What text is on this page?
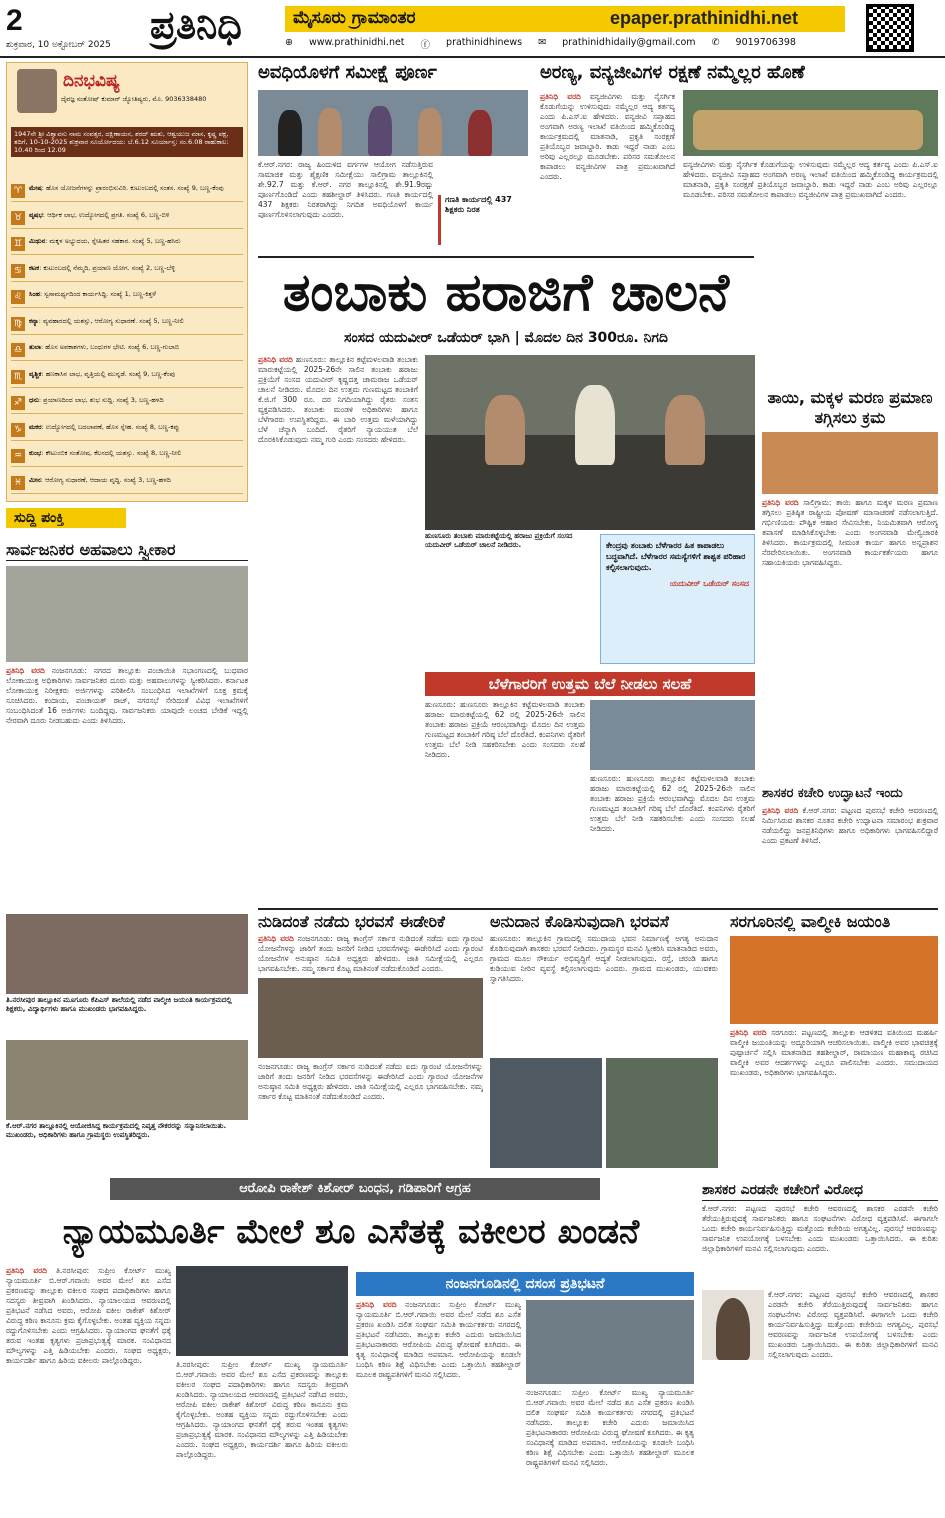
2
ಶುಕ್ರವಾರ, 10 ಅಕ್ಟೋಬರ್ 2025 ಪ್ರತಿನಿಧಿ	ಮೈಸೂರು ಗ್ರಾಮಾಂತರ	epaper.prathinidhi.net
⊕ www.prathinidhi.net ⓕ prathinidhinews ✉ prathinidhidaily@gmail.com ✆ 9019706398
ದಿನಭವಿಷ್ಯ
ದೈವಜ್ಞ ಸಂತೋಷ್ ಕುಮಾರ್ ಜ್ಯೋತಿಷ್ಯರು, ಮೊ. 9036338480
1947ನೇ ಶ್ರೀ ವಿಶ್ವಾವಸು ನಾಮ ಸಂವತ್ಸರ, ದಕ್ಷಿಣಾಯನ, ಶರದ್ ಋತು, ಆಶ್ವಯುಜ ಮಾಸ, ಕೃಷ್ಣ ಪಕ್ಷ, ತದಿಗೆ, 10-10-2025 ಶುಕ್ರವಾರ ಸೂರ್ಯೋದಯ: ಬೆ.6.12 ಸೂರ್ಯಾಸ್ತ: ಸಂ.6.08 ರಾಹುಕಾಲ: 10.40 ರಿಂದ 12.09
♈	ಮೇಷ: ಹೊಸ ಯೋಜನೆಗಳನ್ನು ಪ್ರಾರಂಭಿಸುವಿರಿ. ಕುಟುಂಬದಲ್ಲಿ ಸಂತಸ. ಸಂಖ್ಯೆ 9, ಬಣ್ಣ-ಕೆಂಪು
♉	ವೃಷಭ: ಆರ್ಥಿಕ ಲಾಭ, ಉದ್ಯೋಗದಲ್ಲಿ ಪ್ರಗತಿ. ಸಂಖ್ಯೆ 6, ಬಣ್ಣ-ಬಿಳಿ
♊	ಮಿಥುನ: ಮಕ್ಕಳ ಅಭ್ಯುದಯ, ಸ್ನೇಹಿತರ ಸಹಕಾರ. ಸಂಖ್ಯೆ 5, ಬಣ್ಣ-ಹಸಿರು
♋	ಕಟಕ: ಕುಟುಂಬದಲ್ಲಿ ನೆಮ್ಮದಿ, ಪ್ರಯಾಣ ಯೋಗ. ಸಂಖ್ಯೆ 2, ಬಣ್ಣ-ಬೆಳ್ಳಿ
♌	ಸಿಂಹ: ಸ್ವಸಾಮರ್ಥ್ಯದಿಂದ ಕಾರ್ಯಸಿದ್ಧಿ. ಸಂಖ್ಯೆ 1, ಬಣ್ಣ-ಕಿತ್ತಳೆ
♍	ಕನ್ಯಾ: ವ್ಯವಹಾರದಲ್ಲಿ ಯಶಸ್ಸು, ಆರೋಗ್ಯ ಸುಧಾರಣೆ. ಸಂಖ್ಯೆ 5, ಬಣ್ಣ-ನೀಲಿ
♎	ತುಲಾ: ಹೊಸ ಅವಕಾಶಗಳು, ಬಂಧುಗಳ ಭೇಟಿ. ಸಂಖ್ಯೆ 6, ಬಣ್ಣ-ಗುಲಾಬಿ
♏	ವೃಶ್ಚಿಕ: ಹಣಕಾಸಿನ ಲಾಭ, ವೃತ್ತಿಯಲ್ಲಿ ಮುನ್ನಡೆ. ಸಂಖ್ಯೆ 9, ಬಣ್ಣ-ಕೆಂಪು
♐	ಧನು: ಪ್ರಯಾಣದಿಂದ ಲಾಭ, ಶುಭ ಸುದ್ದಿ. ಸಂಖ್ಯೆ 3, ಬಣ್ಣ-ಹಳದಿ
♑	ಮಕರ: ಉದ್ಯೋಗದಲ್ಲಿ ಬದಲಾವಣೆ, ಹೊಸ ಸ್ನೇಹ. ಸಂಖ್ಯೆ 8, ಬಣ್ಣ-ಕಪ್ಪು
♒	ಕುಂಭ: ಕೌಟುಂಬಿಕ ಸಂತೋಷ, ಕೆಲಸದಲ್ಲಿ ಯಶಸ್ಸು. ಸಂಖ್ಯೆ 8, ಬಣ್ಣ-ನೀಲಿ
♓	ಮೀನ: ಆರೋಗ್ಯ ಸುಧಾರಣೆ, ಆದಾಯ ವೃದ್ಧಿ. ಸಂಖ್ಯೆ 3, ಬಣ್ಣ-ಹಳದಿ
ಅವಧಿಯೊಳಗೆ ಸಮೀಕ್ಷೆ ಪೂರ್ಣ
ಕೆ.ಆರ್.ನಗರ: ರಾಜ್ಯ ಹಿಂದುಳಿದ ವರ್ಗಗಳ ಆಯೋಗ ನಡೆಸುತ್ತಿರುವ ಸಾಮಾಜಿಕ ಮತ್ತು ಶೈಕ್ಷಣಿಕ ಸಮೀಕ್ಷೆಯು ಸಾಲಿಗ್ರಾಮ ತಾಲ್ಲೂಕಿನಲ್ಲಿ ಶೇ.92.7 ಮತ್ತು ಕೆ.ಆರ್. ನಗರ ತಾಲ್ಲೂಕಿನಲ್ಲಿ ಶೇ.91.9ರಷ್ಟು ಪೂರ್ಣಗೊಂಡಿದೆ ಎಂದು ತಹಶೀಲ್ದಾರ್ ತಿಳಿಸಿದರು. ಗಣತಿ ಕಾರ್ಯದಲ್ಲಿ 437 ಶಿಕ್ಷಕರು ನಿರತರಾಗಿದ್ದು ನಿಗದಿತ ಅವಧಿಯೊಳಗೆ ಕಾರ್ಯ ಪೂರ್ಣಗೊಳಿಸಲಾಗುವುದು ಎಂದರು.
ಗಣತಿ ಕಾರ್ಯದಲ್ಲಿ 437 ಶಿಕ್ಷಕರು ನಿರತ
ಅರಣ್ಯ, ವನ್ಯಜೀವಿಗಳ ರಕ್ಷಣೆ ನಮ್ಮೆಲ್ಲರ ಹೊಣೆ
ಪ್ರತಿನಿಧಿ ವರದಿ ವನ್ಯಜೀವಿಗಳು ಮತ್ತು ನೈಸರ್ಗಿಕ ಕೊಡುಗೆಯನ್ನು ಉಳಿಸುವುದು ನಮ್ಮೆಲ್ಲರ ಆದ್ಯ ಕರ್ತವ್ಯ ಎಂದು ಪಿ.ಎಸ್.ಐ ಹೇಳಿದರು. ವನ್ಯಜೀವಿ ಸಪ್ತಾಹದ ಅಂಗವಾಗಿ ಅರಣ್ಯ ಇಲಾಖೆ ವತಿಯಿಂದ ಹಮ್ಮಿಕೊಂಡಿದ್ದ ಕಾರ್ಯಕ್ರಮದಲ್ಲಿ ಮಾತನಾಡಿ, ಪ್ರಕೃತಿ ಸಂರಕ್ಷಣೆ ಪ್ರತಿಯೊಬ್ಬರ ಜವಾಬ್ದಾರಿ. ಕಾಡು ಇದ್ದರೆ ನಾಡು ಎಂಬ ಅರಿವು ಎಲ್ಲರಲ್ಲೂ ಮೂಡಬೇಕು. ಪರಿಸರ ಸಮತೋಲನ ಕಾಪಾಡಲು ವನ್ಯಜೀವಿಗಳ ಪಾತ್ರ ಪ್ರಮುಖವಾಗಿದೆ ಎಂದರು.
ವನ್ಯಜೀವಿಗಳು ಮತ್ತು ನೈಸರ್ಗಿಕ ಕೊಡುಗೆಯನ್ನು ಉಳಿಸುವುದು ನಮ್ಮೆಲ್ಲರ ಆದ್ಯ ಕರ್ತವ್ಯ ಎಂದು ಪಿ.ಎಸ್.ಐ ಹೇಳಿದರು. ವನ್ಯಜೀವಿ ಸಪ್ತಾಹದ ಅಂಗವಾಗಿ ಅರಣ್ಯ ಇಲಾಖೆ ವತಿಯಿಂದ ಹಮ್ಮಿಕೊಂಡಿದ್ದ ಕಾರ್ಯಕ್ರಮದಲ್ಲಿ ಮಾತನಾಡಿ, ಪ್ರಕೃತಿ ಸಂರಕ್ಷಣೆ ಪ್ರತಿಯೊಬ್ಬರ ಜವಾಬ್ದಾರಿ. ಕಾಡು ಇದ್ದರೆ ನಾಡು ಎಂಬ ಅರಿವು ಎಲ್ಲರಲ್ಲೂ ಮೂಡಬೇಕು. ಪರಿಸರ ಸಮತೋಲನ ಕಾಪಾಡಲು ವನ್ಯಜೀವಿಗಳ ಪಾತ್ರ ಪ್ರಮುಖವಾಗಿದೆ ಎಂದರು.
ತಂಬಾಕು ಹರಾಜಿಗೆ ಚಾಲನೆ
ಸಂಸದ ಯದುವೀರ್ ಒಡೆಯರ್ ಭಾಗಿ | ಮೊದಲ ದಿನ 300ರೂ. ನಿಗದಿ
ಪ್ರತಿನಿಧಿ ವರದಿ ಹುಣಸೂರು: ತಾಲ್ಲೂಕಿನ ಕಟ್ಟೆಮಳಲವಾಡಿ ತಂಬಾಕು ಮಾರುಕಟ್ಟೆಯಲ್ಲಿ 2025-26ನೇ ಸಾಲಿನ ತಂಬಾಕು ಹರಾಜು ಪ್ರಕ್ರಿಯೆಗೆ ಸಂಸದ ಯದುವೀರ್ ಕೃಷ್ಣದತ್ತ ಚಾಮರಾಜ ಒಡೆಯರ್ ಚಾಲನೆ ನೀಡಿದರು. ಮೊದಲ ದಿನ ಉತ್ತಮ ಗುಣಮಟ್ಟದ ತಂಬಾಕಿಗೆ ಕೆ.ಜಿ.ಗೆ 300 ರೂ. ದರ ನಿಗದಿಯಾಗಿದ್ದು ರೈತರು ಸಂತಸ ವ್ಯಕ್ತಪಡಿಸಿದರು. ತಂಬಾಕು ಮಂಡಳಿ ಅಧಿಕಾರಿಗಳು ಹಾಗೂ ಬೆಳೆಗಾರರು ಉಪಸ್ಥಿತರಿದ್ದರು. ಈ ಬಾರಿ ಉತ್ತಮ ಮಳೆಯಾಗಿದ್ದು ಬೆಳೆ ಚೆನ್ನಾಗಿ ಬಂದಿದೆ. ರೈತರಿಗೆ ನ್ಯಾಯಯುತ ಬೆಲೆ ದೊರಕಿಸಿಕೊಡುವುದು ನಮ್ಮ ಗುರಿ ಎಂದು ಸಂಸದರು ಹೇಳಿದರು.
ಹುಣಸೂರು ತಂಬಾಕು ಮಾರುಕಟ್ಟೆಯಲ್ಲಿ ಹರಾಜು ಪ್ರಕ್ರಿಯೆಗೆ ಸಂಸದ ಯದುವೀರ್ ಒಡೆಯರ್ ಚಾಲನೆ ನೀಡಿದರು.	ಕೇಂದ್ರವು ತಂಬಾಕು ಬೆಳೆಗಾರರ ಹಿತ ಕಾಪಾಡಲು ಬದ್ಧವಾಗಿದೆ. ಬೆಳೆಗಾರರ ಸಮಸ್ಯೆಗಳಿಗೆ ಶಾಶ್ವತ ಪರಿಹಾರ ಕಲ್ಪಿಸಲಾಗುವುದು.
ಯದುವೀರ್ ಒಡೆಯರ್ ಸಂಸದ
ಬೆಳೆಗಾರರಿಗೆ ಉತ್ತಮ ಬೆಲೆ ನೀಡಲು ಸಲಹೆ
ಹುಣಸೂರು: ಹುಣಸೂರು ತಾಲ್ಲೂಕಿನ ಕಟ್ಟೆಮಳಲವಾಡಿ ತಂಬಾಕು ಹರಾಜು ಮಾರುಕಟ್ಟೆಯಲ್ಲಿ 62 ರಲ್ಲಿ 2025-26ನೇ ಸಾಲಿನ ತಂಬಾಕು ಹರಾಜು ಪ್ರಕ್ರಿಯೆ ಆರಂಭವಾಗಿದ್ದು ಮೊದಲ ದಿನ ಉತ್ತಮ ಗುಣಮಟ್ಟದ ತಂಬಾಕಿಗೆ ಗರಿಷ್ಠ ಬೆಲೆ ದೊರೆತಿದೆ. ಕಂಪನಿಗಳು ರೈತರಿಗೆ ಉತ್ತಮ ಬೆಲೆ ನೀಡಿ ಸಹಕರಿಸಬೇಕು ಎಂದು ಸಂಸದರು ಸಲಹೆ ನೀಡಿದರು.
ಹುಣಸೂರು: ಹುಣಸೂರು ತಾಲ್ಲೂಕಿನ ಕಟ್ಟೆಮಳಲವಾಡಿ ತಂಬಾಕು ಹರಾಜು ಮಾರುಕಟ್ಟೆಯಲ್ಲಿ 62 ರಲ್ಲಿ 2025-26ನೇ ಸಾಲಿನ ತಂಬಾಕು ಹರಾಜು ಪ್ರಕ್ರಿಯೆ ಆರಂಭವಾಗಿದ್ದು ಮೊದಲ ದಿನ ಉತ್ತಮ ಗುಣಮಟ್ಟದ ತಂಬಾಕಿಗೆ ಗರಿಷ್ಠ ಬೆಲೆ ದೊರೆತಿದೆ. ಕಂಪನಿಗಳು ರೈತರಿಗೆ ಉತ್ತಮ ಬೆಲೆ ನೀಡಿ ಸಹಕರಿಸಬೇಕು ಎಂದು ಸಂಸದರು ಸಲಹೆ ನೀಡಿದರು.
ಸುದ್ದಿ ಪಂಕ್ತಿ
ಸಾರ್ವಜನಿಕರ ಅಹವಾಲು ಸ್ವೀಕಾರ
ಪ್ರತಿನಿಧಿ ವರದಿ ನಂಜನಗೂಡು: ನಗರದ ತಾಲ್ಲೂಕು ಪಂಚಾಯಿತಿ ಸಭಾಂಗಣದಲ್ಲಿ ಬುಧವಾರ ಲೋಕಾಯುಕ್ತ ಅಧಿಕಾರಿಗಳು ಸಾರ್ವಜನಿಕರ ದೂರು ಮತ್ತು ಅಹವಾಲುಗಳನ್ನು ಸ್ವೀಕರಿಸಿದರು. ಕರ್ನಾಟಕ ಲೋಕಾಯುಕ್ತ ನಿರೀಕ್ಷಕರು ಅರ್ಜಿಗಳನ್ನು ಪರಿಶೀಲಿಸಿ ಸಂಬಂಧಿಸಿದ ಇಲಾಖೆಗಳಿಗೆ ಸೂಕ್ತ ಕ್ರಮಕ್ಕೆ ಸೂಚಿಸಿದರು. ಕಂದಾಯ, ಪಂಚಾಯತ್ ರಾಜ್, ನಗರಸಭೆ ಸೇರಿದಂತೆ ವಿವಿಧ ಇಲಾಖೆಗಳಿಗೆ ಸಂಬಂಧಿಸಿದಂತೆ 16 ಅರ್ಜಿಗಳು ಬಂದಿದ್ದವು. ಸಾರ್ವಜನಿಕರು ಯಾವುದೇ ಲಂಚದ ಬೇಡಿಕೆ ಇದ್ದಲ್ಲಿ ನೇರವಾಗಿ ದೂರು ನೀಡಬಹುದು ಎಂದು ತಿಳಿಸಿದರು.
ತಿ.ನರಸೀಪುರ ತಾಲ್ಲೂಕಿನ ಮೂಗೂರು ಕೆಪಿಎಸ್ ಶಾಲೆಯಲ್ಲಿ ನಡೆದ ವಾಲ್ಮೀಕಿ ಜಯಂತಿ ಕಾರ್ಯಕ್ರಮದಲ್ಲಿ ಶಿಕ್ಷಕರು, ವಿದ್ಯಾರ್ಥಿಗಳು ಹಾಗೂ ಮುಖಂಡರು ಭಾಗವಹಿಸಿದ್ದರು.
ಕೆ.ಆರ್.ನಗರ ತಾಲ್ಲೂಕಿನಲ್ಲಿ ಆಯೋಜಿಸಿದ್ದ ಕಾರ್ಯಕ್ರಮದಲ್ಲಿ ನಿವೃತ್ತ ನೌಕರರನ್ನು ಸನ್ಮಾನಿಸಲಾಯಿತು. ಮುಖಂಡರು, ಅಧಿಕಾರಿಗಳು ಹಾಗೂ ಗ್ರಾಮಸ್ಥರು ಉಪಸ್ಥಿತರಿದ್ದರು.
ತಾಯಿ, ಮಕ್ಕಳ ಮರಣ ಪ್ರಮಾಣ ತಗ್ಗಿಸಲು ಕ್ರಮ
ಪ್ರತಿನಿಧಿ ವರದಿ ಸಾಲಿಗ್ರಾಮ: ತಾಯಿ ಹಾಗೂ ಮಕ್ಕಳ ಮರಣ ಪ್ರಮಾಣ ತಗ್ಗಿಸಲು ಪ್ರತಿಷ್ಠಿತ ರಾಷ್ಟ್ರೀಯ ಪೋಷಣ್ ಮಾಸಾಚರಣೆ ನಡೆಸಲಾಗುತ್ತಿದೆ. ಗರ್ಭಿಣಿಯರು ಪೌಷ್ಟಿಕ ಆಹಾರ ಸೇವಿಸಬೇಕು, ನಿಯಮಿತವಾಗಿ ಆರೋಗ್ಯ ತಪಾಸಣೆ ಮಾಡಿಸಿಕೊಳ್ಳಬೇಕು ಎಂದು ಅಂಗನವಾಡಿ ಮೇಲ್ವಿಚಾರಕಿ ತಿಳಿಸಿದರು. ಕಾರ್ಯಕ್ರಮದಲ್ಲಿ ಸೀಮಂತ ಕಾರ್ಯ ಹಾಗೂ ಅನ್ನಪ್ರಾಶನ ನೆರವೇರಿಸಲಾಯಿತು. ಅಂಗನವಾಡಿ ಕಾರ್ಯಕರ್ತೆಯರು ಹಾಗೂ ಸಹಾಯಕಿಯರು ಭಾಗವಹಿಸಿದ್ದರು.
ಶಾಸಕರ ಕಚೇರಿ ಉದ್ಘಾಟನೆ ಇಂದು
ಪ್ರತಿನಿಧಿ ವರದಿ ಕೆ.ಆರ್.ನಗರ: ಪಟ್ಟಣದ ಪುರಸಭೆ ಕಚೇರಿ ಆವರಣದಲ್ಲಿ ನಿರ್ಮಿಸಿರುವ ಶಾಸಕರ ನೂತನ ಕಚೇರಿ ಉದ್ಘಾಟನಾ ಸಮಾರಂಭ ಶುಕ್ರವಾರ ನಡೆಯಲಿದ್ದು ಜನಪ್ರತಿನಿಧಿಗಳು ಹಾಗೂ ಅಧಿಕಾರಿಗಳು ಭಾಗವಹಿಸಲಿದ್ದಾರೆ ಎಂದು ಪ್ರಕಟಣೆ ತಿಳಿಸಿದೆ.
ನುಡಿದಂತೆ ನಡೆದು ಭರವಸೆ ಈಡೇರಿಕೆ
ಪ್ರತಿನಿಧಿ ವರದಿ ನಂಜನಗೂಡು: ರಾಜ್ಯ ಕಾಂಗ್ರೆಸ್ ಸರ್ಕಾರ ನುಡಿದಂತೆ ನಡೆದು ಐದು ಗ್ಯಾರಂಟಿ ಯೋಜನೆಗಳನ್ನು ಜಾರಿಗೆ ತಂದು ಜನರಿಗೆ ನೀಡಿದ ಭರವಸೆಗಳನ್ನು ಈಡೇರಿಸಿದೆ ಎಂದು ಗ್ಯಾರಂಟಿ ಯೋಜನೆಗಳ ಅನುಷ್ಠಾನ ಸಮಿತಿ ಅಧ್ಯಕ್ಷರು ಹೇಳಿದರು. ಜಾತಿ ಸಮೀಕ್ಷೆಯಲ್ಲಿ ಎಲ್ಲರೂ ಭಾಗವಹಿಸಬೇಕು. ನಮ್ಮ ಸರ್ಕಾರ ಕೊಟ್ಟ ಮಾತಿನಂತೆ ನಡೆದುಕೊಂಡಿದೆ ಎಂದರು.
ನಂಜನಗೂಡು: ರಾಜ್ಯ ಕಾಂಗ್ರೆಸ್ ಸರ್ಕಾರ ನುಡಿದಂತೆ ನಡೆದು ಐದು ಗ್ಯಾರಂಟಿ ಯೋಜನೆಗಳನ್ನು ಜಾರಿಗೆ ತಂದು ಜನರಿಗೆ ನೀಡಿದ ಭರವಸೆಗಳನ್ನು ಈಡೇರಿಸಿದೆ ಎಂದು ಗ್ಯಾರಂಟಿ ಯೋಜನೆಗಳ ಅನುಷ್ಠಾನ ಸಮಿತಿ ಅಧ್ಯಕ್ಷರು ಹೇಳಿದರು. ಜಾತಿ ಸಮೀಕ್ಷೆಯಲ್ಲಿ ಎಲ್ಲರೂ ಭಾಗವಹಿಸಬೇಕು. ನಮ್ಮ ಸರ್ಕಾರ ಕೊಟ್ಟ ಮಾತಿನಂತೆ ನಡೆದುಕೊಂಡಿದೆ ಎಂದರು.
ಅನುದಾನ ಕೊಡಿಸುವುದಾಗಿ ಭರವಸೆ
ಹುಣಸೂರು: ತಾಲ್ಲೂಕಿನ ಗ್ರಾಮದಲ್ಲಿ ಸಮುದಾಯ ಭವನ ನಿರ್ಮಾಣಕ್ಕೆ ಅಗತ್ಯ ಅನುದಾನ ಕೊಡಿಸುವುದಾಗಿ ಶಾಸಕರು ಭರವಸೆ ನೀಡಿದರು. ಗ್ರಾಮಸ್ಥರ ಮನವಿ ಸ್ವೀಕರಿಸಿ ಮಾತನಾಡಿದ ಅವರು, ಗ್ರಾಮದ ಮೂಲ ಸೌಕರ್ಯ ಅಭಿವೃದ್ಧಿಗೆ ಆದ್ಯತೆ ನೀಡಲಾಗುವುದು. ರಸ್ತೆ, ಚರಂಡಿ ಹಾಗೂ ಕುಡಿಯುವ ನೀರಿನ ವ್ಯವಸ್ಥೆ ಕಲ್ಪಿಸಲಾಗುವುದು ಎಂದರು. ಗ್ರಾಮದ ಮುಖಂಡರು, ಯುವಕರು ಸ್ವಾಗತಿಸಿದರು.
ಸರಗೂರಿನಲ್ಲಿ ವಾಲ್ಮೀಕಿ ಜಯಂತಿ
ಪ್ರತಿನಿಧಿ ವರದಿ ಸರಗೂರು: ಪಟ್ಟಣದಲ್ಲಿ ತಾಲ್ಲೂಕು ಆಡಳಿತದ ವತಿಯಿಂದ ಮಹರ್ಷಿ ವಾಲ್ಮೀಕಿ ಜಯಂತಿಯನ್ನು ಅದ್ದೂರಿಯಾಗಿ ಆಚರಿಸಲಾಯಿತು. ವಾಲ್ಮೀಕಿ ಅವರ ಭಾವಚಿತ್ರಕ್ಕೆ ಪುಷ್ಪಾರ್ಚನೆ ಸಲ್ಲಿಸಿ ಮಾತನಾಡಿದ ತಹಶೀಲ್ದಾರ್, ರಾಮಾಯಣ ಮಹಾಕಾವ್ಯ ರಚಿಸಿದ ವಾಲ್ಮೀಕಿ ಅವರ ಆದರ್ಶಗಳನ್ನು ಎಲ್ಲರೂ ಪಾಲಿಸಬೇಕು ಎಂದರು. ಸಮುದಾಯದ ಮುಖಂಡರು, ಅಧಿಕಾರಿಗಳು ಭಾಗವಹಿಸಿದ್ದರು.
ಆರೋಪಿ ರಾಕೇಶ್ ಕಿಶೋರ್ ಬಂಧನ, ಗಡಿಪಾರಿಗೆ ಆಗ್ರಹ
ನ್ಯಾಯಮೂರ್ತಿ ಮೇಲೆ ಶೂ ಎಸೆತಕ್ಕೆ ವಕೀಲರ ಖಂಡನೆ
ಪ್ರತಿನಿಧಿ ವರದಿ ತಿ.ನರಸೀಪುರ: ಸುಪ್ರೀಂ ಕೋರ್ಟ್ ಮುಖ್ಯ ನ್ಯಾಯಮೂರ್ತಿ ಬಿ.ಆರ್.ಗವಾಯಿ ಅವರ ಮೇಲೆ ಶೂ ಎಸೆದ ಪ್ರಕರಣವನ್ನು ತಾಲ್ಲೂಕು ವಕೀಲರ ಸಂಘದ ಪದಾಧಿಕಾರಿಗಳು ಹಾಗೂ ಸದಸ್ಯರು ತೀವ್ರವಾಗಿ ಖಂಡಿಸಿದರು. ನ್ಯಾಯಾಲಯದ ಆವರಣದಲ್ಲಿ ಪ್ರತಿಭಟನೆ ನಡೆಸಿದ ಅವರು, ಆರೋಪಿ ವಕೀಲ ರಾಕೇಶ್ ಕಿಶೋರ್ ವಿರುದ್ಧ ಕಠಿಣ ಕಾನೂನು ಕ್ರಮ ಕೈಗೊಳ್ಳಬೇಕು. ಅಂತಹ ವ್ಯಕ್ತಿಯ ಸನ್ನದು ರದ್ದುಗೊಳಿಸಬೇಕು ಎಂದು ಆಗ್ರಹಿಸಿದರು. ನ್ಯಾಯಾಂಗದ ಘನತೆಗೆ ಧಕ್ಕೆ ತರುವ ಇಂತಹ ಕೃತ್ಯಗಳು ಪ್ರಜಾಪ್ರಭುತ್ವಕ್ಕೆ ಮಾರಕ. ಸಂವಿಧಾನದ ಮೌಲ್ಯಗಳನ್ನು ಎತ್ತಿ ಹಿಡಿಯಬೇಕು ಎಂದರು. ಸಂಘದ ಅಧ್ಯಕ್ಷರು, ಕಾರ್ಯದರ್ಶಿ ಹಾಗೂ ಹಿರಿಯ ವಕೀಲರು ಪಾಲ್ಗೊಂಡಿದ್ದರು.	ತಿ.ನರಸೀಪುರ: ಸುಪ್ರೀಂ ಕೋರ್ಟ್ ಮುಖ್ಯ ನ್ಯಾಯಮೂರ್ತಿ ಬಿ.ಆರ್.ಗವಾಯಿ ಅವರ ಮೇಲೆ ಶೂ ಎಸೆದ ಪ್ರಕರಣವನ್ನು ತಾಲ್ಲೂಕು ವಕೀಲರ ಸಂಘದ ಪದಾಧಿಕಾರಿಗಳು ಹಾಗೂ ಸದಸ್ಯರು ತೀವ್ರವಾಗಿ ಖಂಡಿಸಿದರು. ನ್ಯಾಯಾಲಯದ ಆವರಣದಲ್ಲಿ ಪ್ರತಿಭಟನೆ ನಡೆಸಿದ ಅವರು, ಆರೋಪಿ ವಕೀಲ ರಾಕೇಶ್ ಕಿಶೋರ್ ವಿರುದ್ಧ ಕಠಿಣ ಕಾನೂನು ಕ್ರಮ ಕೈಗೊಳ್ಳಬೇಕು. ಅಂತಹ ವ್ಯಕ್ತಿಯ ಸನ್ನದು ರದ್ದುಗೊಳಿಸಬೇಕು ಎಂದು ಆಗ್ರಹಿಸಿದರು. ನ್ಯಾಯಾಂಗದ ಘನತೆಗೆ ಧಕ್ಕೆ ತರುವ ಇಂತಹ ಕೃತ್ಯಗಳು ಪ್ರಜಾಪ್ರಭುತ್ವಕ್ಕೆ ಮಾರಕ. ಸಂವಿಧಾನದ ಮೌಲ್ಯಗಳನ್ನು ಎತ್ತಿ ಹಿಡಿಯಬೇಕು ಎಂದರು. ಸಂಘದ ಅಧ್ಯಕ್ಷರು, ಕಾರ್ಯದರ್ಶಿ ಹಾಗೂ ಹಿರಿಯ ವಕೀಲರು ಪಾಲ್ಗೊಂಡಿದ್ದರು.
ನಂಜನಗೂಡಿನಲ್ಲಿ ದಸಂಸ ಪ್ರತಿಭಟನೆ
ಪ್ರತಿನಿಧಿ ವರದಿ ನಂಜನಗೂಡು: ಸುಪ್ರೀಂ ಕೋರ್ಟ್ ಮುಖ್ಯ ನ್ಯಾಯಮೂರ್ತಿ ಬಿ.ಆರ್.ಗವಾಯಿ ಅವರ ಮೇಲೆ ನಡೆದ ಶೂ ಎಸೆತ ಪ್ರಕರಣ ಖಂಡಿಸಿ ದಲಿತ ಸಂಘರ್ಷ ಸಮಿತಿ ಕಾರ್ಯಕರ್ತರು ನಗರದಲ್ಲಿ ಪ್ರತಿಭಟನೆ ನಡೆಸಿದರು. ತಾಲ್ಲೂಕು ಕಚೇರಿ ಎದುರು ಜಮಾಯಿಸಿದ ಪ್ರತಿಭಟನಾಕಾರರು ಆರೋಪಿಯ ವಿರುದ್ಧ ಘೋಷಣೆ ಕೂಗಿದರು. ಈ ಕೃತ್ಯ ಸಂವಿಧಾನಕ್ಕೆ ಮಾಡಿದ ಅಪಮಾನ. ಆರೋಪಿಯನ್ನು ಕೂಡಲೇ ಬಂಧಿಸಿ ಕಠಿಣ ಶಿಕ್ಷೆ ವಿಧಿಸಬೇಕು ಎಂದು ಒತ್ತಾಯಿಸಿ ತಹಶೀಲ್ದಾರ್ ಮೂಲಕ ರಾಷ್ಟ್ರಪತಿಗಳಿಗೆ ಮನವಿ ಸಲ್ಲಿಸಿದರು.
ನಂಜನಗೂಡು: ಸುಪ್ರೀಂ ಕೋರ್ಟ್ ಮುಖ್ಯ ನ್ಯಾಯಮೂರ್ತಿ ಬಿ.ಆರ್.ಗವಾಯಿ ಅವರ ಮೇಲೆ ನಡೆದ ಶೂ ಎಸೆತ ಪ್ರಕರಣ ಖಂಡಿಸಿ ದಲಿತ ಸಂಘರ್ಷ ಸಮಿತಿ ಕಾರ್ಯಕರ್ತರು ನಗರದಲ್ಲಿ ಪ್ರತಿಭಟನೆ ನಡೆಸಿದರು. ತಾಲ್ಲೂಕು ಕಚೇರಿ ಎದುರು ಜಮಾಯಿಸಿದ ಪ್ರತಿಭಟನಾಕಾರರು ಆರೋಪಿಯ ವಿರುದ್ಧ ಘೋಷಣೆ ಕೂಗಿದರು. ಈ ಕೃತ್ಯ ಸಂವಿಧಾನಕ್ಕೆ ಮಾಡಿದ ಅಪಮಾನ. ಆರೋಪಿಯನ್ನು ಕೂಡಲೇ ಬಂಧಿಸಿ ಕಠಿಣ ಶಿಕ್ಷೆ ವಿಧಿಸಬೇಕು ಎಂದು ಒತ್ತಾಯಿಸಿ ತಹಶೀಲ್ದಾರ್ ಮೂಲಕ ರಾಷ್ಟ್ರಪತಿಗಳಿಗೆ ಮನವಿ ಸಲ್ಲಿಸಿದರು.
ಶಾಸಕರ ಎರಡನೇ ಕಚೇರಿಗೆ ವಿರೋಧ
ಕೆ.ಆರ್.ನಗರ: ಪಟ್ಟಣದ ಪುರಸಭೆ ಕಚೇರಿ ಆವರಣದಲ್ಲಿ ಶಾಸಕರ ಎರಡನೇ ಕಚೇರಿ ತೆರೆಯುತ್ತಿರುವುದಕ್ಕೆ ಸಾರ್ವಜನಿಕರು ಹಾಗೂ ಸಂಘಟನೆಗಳು ವಿರೋಧ ವ್ಯಕ್ತಪಡಿಸಿವೆ. ಈಗಾಗಲೇ ಒಂದು ಕಚೇರಿ ಕಾರ್ಯನಿರ್ವಹಿಸುತ್ತಿದ್ದು ಮತ್ತೊಂದು ಕಚೇರಿಯ ಅಗತ್ಯವಿಲ್ಲ. ಪುರಸಭೆ ಆವರಣವನ್ನು ಸಾರ್ವಜನಿಕ ಉಪಯೋಗಕ್ಕೆ ಬಳಸಬೇಕು ಎಂದು ಮುಖಂಡರು ಒತ್ತಾಯಿಸಿದರು. ಈ ಕುರಿತು ಜಿಲ್ಲಾಧಿಕಾರಿಗಳಿಗೆ ಮನವಿ ಸಲ್ಲಿಸಲಾಗುವುದು ಎಂದರು.
ಕೆ.ಆರ್.ನಗರ: ಪಟ್ಟಣದ ಪುರಸಭೆ ಕಚೇರಿ ಆವರಣದಲ್ಲಿ ಶಾಸಕರ ಎರಡನೇ ಕಚೇರಿ ತೆರೆಯುತ್ತಿರುವುದಕ್ಕೆ ಸಾರ್ವಜನಿಕರು ಹಾಗೂ ಸಂಘಟನೆಗಳು ವಿರೋಧ ವ್ಯಕ್ತಪಡಿಸಿವೆ. ಈಗಾಗಲೇ ಒಂದು ಕಚೇರಿ ಕಾರ್ಯನಿರ್ವಹಿಸುತ್ತಿದ್ದು ಮತ್ತೊಂದು ಕಚೇರಿಯ ಅಗತ್ಯವಿಲ್ಲ. ಪುರಸಭೆ ಆವರಣವನ್ನು ಸಾರ್ವಜನಿಕ ಉಪಯೋಗಕ್ಕೆ ಬಳಸಬೇಕು ಎಂದು ಮುಖಂಡರು ಒತ್ತಾಯಿಸಿದರು. ಈ ಕುರಿತು ಜಿಲ್ಲಾಧಿಕಾರಿಗಳಿಗೆ ಮನವಿ ಸಲ್ಲಿಸಲಾಗುವುದು ಎಂದರು.
